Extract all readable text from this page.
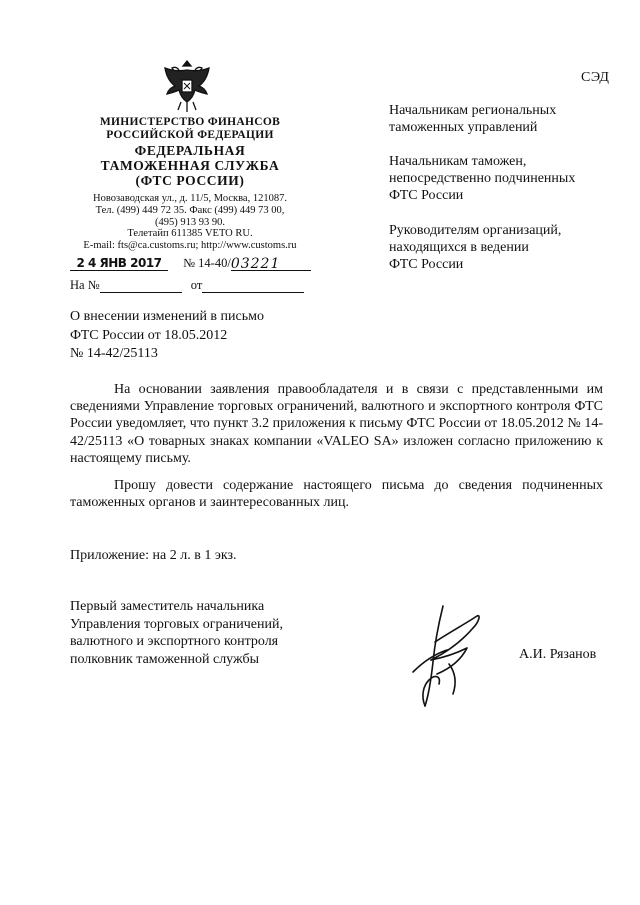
СЭД
МИНИСТЕРСТВО ФИНАНСОВ
РОССИЙСКОЙ ФЕДЕРАЦИИ
ФЕДЕРАЛЬНАЯ
ТАМОЖЕННАЯ СЛУЖБА
(ФТС РОССИИ)
Новозаводская ул., д. 11/5, Москва, 121087.
Тел. (499) 449 72 35. Факс (499) 449 73 00,
(495) 913 93 90.
Телетайп 611385 VETO RU.
E-mail: fts@ca.customs.ru; http://www.customs.ru
2 4 ЯНВ 2017 № 14-40/03221
На №	от
Начальникам региональных
таможенных управлений
Начальникам таможен,
непосредственно подчиненных
ФТС России
Руководителям организаций,
находящихся в ведении
ФТС России
О внесении изменений в письмо
ФТС России от 18.05.2012
№ 14-42/25113
На основании заявления правообладателя и в связи с представленными им сведениями Управление торговых ограничений, валютного и экспортного контроля ФТС России уведомляет, что пункт 3.2 приложения к письму ФТС России от 18.05.2012 № 14-42/25113 «О товарных знаках компании «VALEO SA» изложен согласно приложению к настоящему письму.
Прошу довести содержание настоящего письма до сведения подчиненных таможенных органов и заинтересованных лиц.
Приложение: на 2 л. в 1 экз.
Первый заместитель начальника
Управления торговых ограничений,
валютного и экспортного контроля
полковник таможенной службы	А.И. Рязанов
